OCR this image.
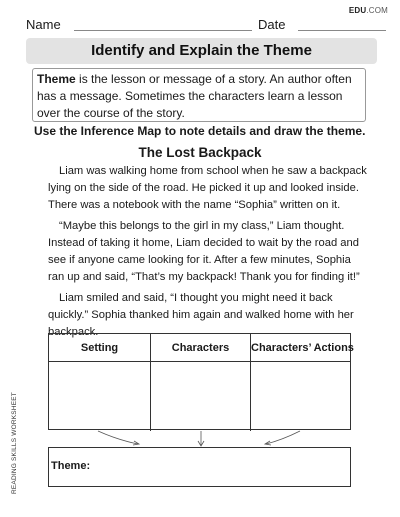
EDU.COM
Name	Date
READING SKILLS WORKSHEET
Identify and Explain the Theme
Theme is the lesson or message of a story. An author often has a message. Sometimes the characters learn a lesson over the course of the story.
Use the Inference Map to note details and draw the theme.
The Lost Backpack

Liam was walking home from school when he saw a backpack lying on the side of the road. He picked it up and looked inside. There was a notebook with the name “Sophia” written on it.

“Maybe this belongs to the girl in my class,” Liam thought. Instead of taking it home, Liam decided to wait by the road and see if anyone came looking for it. After a few minutes, Sophia ran up and said, “That’s my backpack! Thank you for finding it!”

Liam smiled and said, “I thought you might need it back quickly.” Sophia thanked him again and walked home with her backpack.

Setting	Characters	Characters’ Actions
Theme:
